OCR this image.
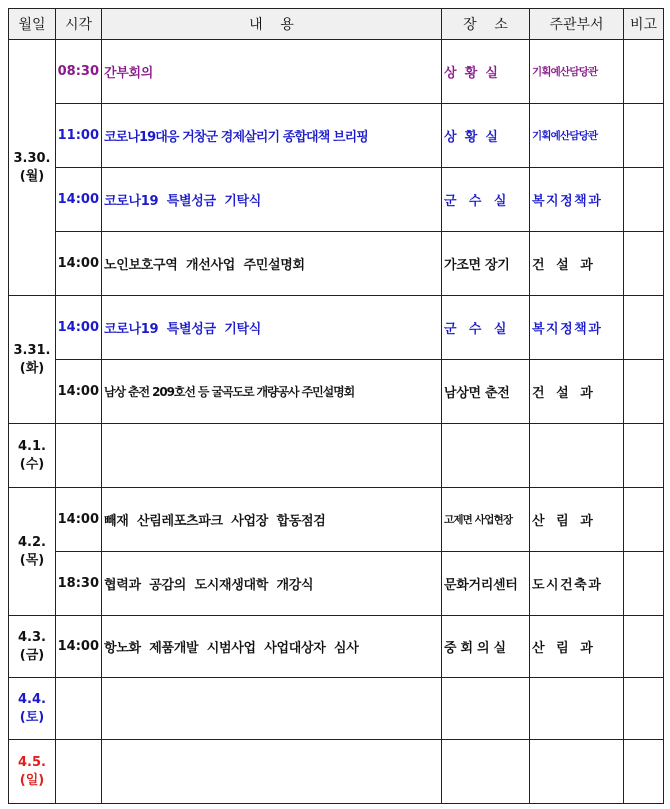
월일	시각	내    용	장    소	주관부서	비고

3.30.
(월)	08:30	간부회의	상  황  실	기획예산담당관	
	11:00	코로나19대응 거창군 경제살리기 종합대책 브리핑	상  황  실	기획예산담당관	
	14:00	코로나19  특별성금  기탁식	군   수   실	복지정책과	
	14:00	노인보호구역  개선사업  주민설명회	가조면 장기	건   설   과	

3.31.
(화)	14:00	코로나19  특별성금  기탁식	군   수   실	복지정책과	
	14:00	남상 춘전 209호선 등 굴곡도로 개량공사 주민설명회	남상면 춘전	건   설   과	

4.1.
(수)					

4.2.
(목)	14:00	빼재  산림레포츠파크  사업장  합동점검	고제면 사업현장	산   림   과	
	18:30	협력과  공감의  도시재생대학  개강식	문화거리센터	도시건축과	

4.3.
(금)	14:00	항노화  제품개발  시범사업  사업대상자  심사	중 회 의 실	산   림   과	

4.4.
(토)					

4.5.
(일)					
